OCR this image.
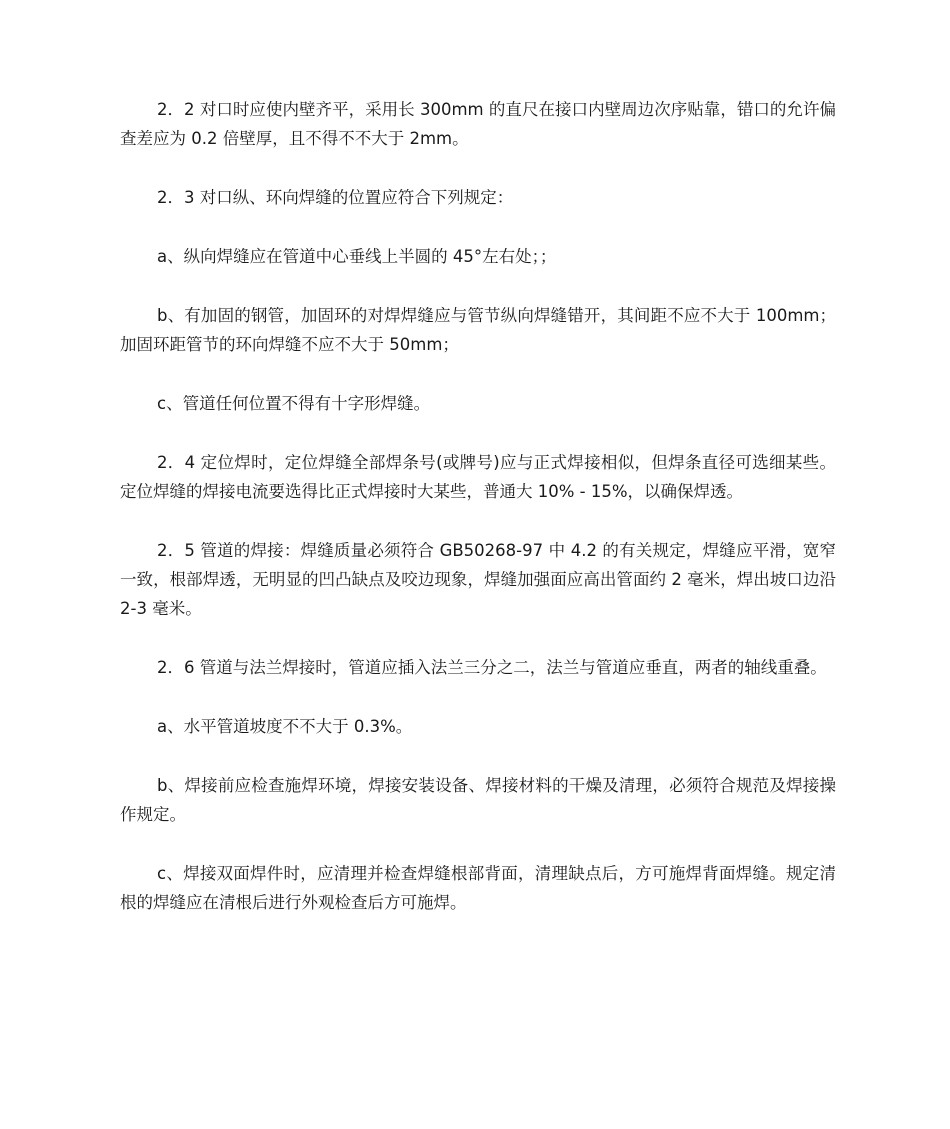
2．2 对口时应使内壁齐平，采用长 300mm 的直尺在接口内壁周边次序贴靠，错口的允许偏查差应为 0.2 倍壁厚，且不得不不大于 2mm。

2．3 对口纵、环向焊缝的位置应符合下列规定：

a、纵向焊缝应在管道中心垂线上半圆的 45°左右处；；

b、有加固的钢管，加固环的对焊焊缝应与管节纵向焊缝错开，其间距不应不大于 100mm；加固环距管节的环向焊缝不应不大于 50mm；

c、管道任何位置不得有十字形焊缝。

2．4 定位焊时，定位焊缝全部焊条号(或牌号)应与正式焊接相似，但焊条直径可选细某些。定位焊缝的焊接电流要选得比正式焊接时大某些，普通大 10% - 15%，以确保焊透。

2．5 管道的焊接：焊缝质量必须符合 GB50268-97 中 4.2 的有关规定，焊缝应平滑，宽窄一致，根部焊透，无明显的凹凸缺点及咬边现象，焊缝加强面应高出管面约 2 毫米，焊出坡口边沿 2-3 毫米。

2．6 管道与法兰焊接时，管道应插入法兰三分之二，法兰与管道应垂直，两者的轴线重叠。

a、水平管道坡度不不大于 0.3%。

b、焊接前应检查施焊环境，焊接安装设备、焊接材料的干燥及清理，必须符合规范及焊接操作规定。

c、焊接双面焊件时，应清理并检查焊缝根部背面，清理缺点后，方可施焊背面焊缝。规定清根的焊缝应在清根后进行外观检查后方可施焊。
